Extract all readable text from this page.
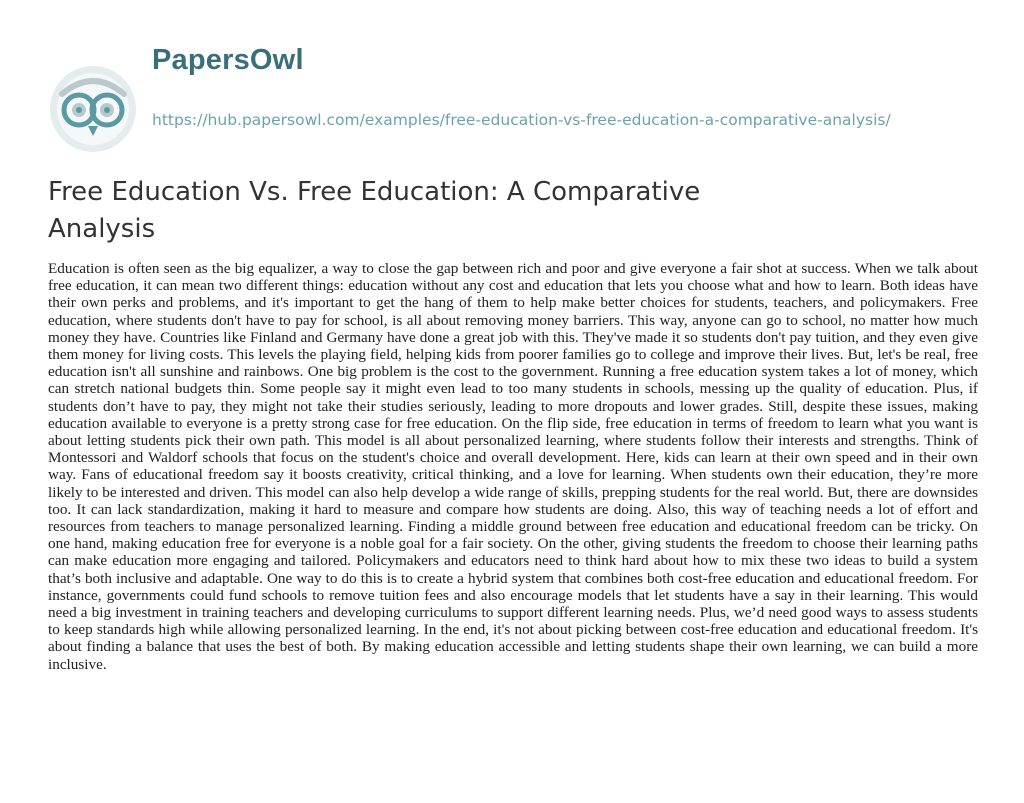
PapersOwl
https://hub.papersowl.com/examples/free-education-vs-free-education-a-comparative-analysis/
Free Education Vs. Free Education: A Comparative Analysis

Education is often seen as the big equalizer, a way to close the gap between rich and poor and give everyone a fair shot at success. When we talk about free education, it can mean two different things: education without any cost and education that lets you choose what and how to learn. Both ideas have their own perks and problems, and it's important to get the hang of them to help make better choices for students, teachers, and policymakers. Free education, where students don't have to pay for school, is all about removing money barriers. This way, anyone can go to school, no matter how much money they have. Countries like Finland and Germany have done a great job with this. They've made it so students don't pay tuition, and they even give them money for living costs. This levels the playing field, helping kids from poorer families go to college and improve their lives. But, let's be real, free education isn't all sunshine and rainbows. One big problem is the cost to the government. Running a free education system takes a lot of money, which can stretch national budgets thin. Some people say it might even lead to too many students in schools, messing up the quality of education. Plus, if students don’t have to pay, they might not take their studies seriously, leading to more dropouts and lower grades. Still, despite these issues, making education available to everyone is a pretty strong case for free education. On the flip side, free education in terms of freedom to learn what you want is about letting students pick their own path. This model is all about personalized learning, where students follow their interests and strengths. Think of Montessori and Waldorf schools that focus on the student's choice and overall development. Here, kids can learn at their own speed and in their own way. Fans of educational freedom say it boosts creativity, critical thinking, and a love for learning. When students own their education, they’re more likely to be interested and driven. This model can also help develop a wide range of skills, prepping students for the real world. But, there are downsides too. It can lack standardization, making it hard to measure and compare how students are doing. Also, this way of teaching needs a lot of effort and resources from teachers to manage personalized learning. Finding a middle ground between free education and educational freedom can be tricky. On one hand, making education free for everyone is a noble goal for a fair society. On the other, giving students the freedom to choose their learning paths can make education more engaging and tailored. Policymakers and educators need to think hard about how to mix these two ideas to build a system that’s both inclusive and adaptable. One way to do this is to create a hybrid system that combines both cost-free education and educational freedom. For instance, governments could fund schools to remove tuition fees and also encourage models that let students have a say in their learning. This would need a big investment in training teachers and developing curriculums to support different learning needs. Plus, we’d need good ways to assess students to keep standards high while allowing personalized learning. In the end, it's not about picking between cost-free education and educational freedom. It's about finding a balance that uses the best of both. By making education accessible and letting students shape their own learning, we can build a more inclusive.
